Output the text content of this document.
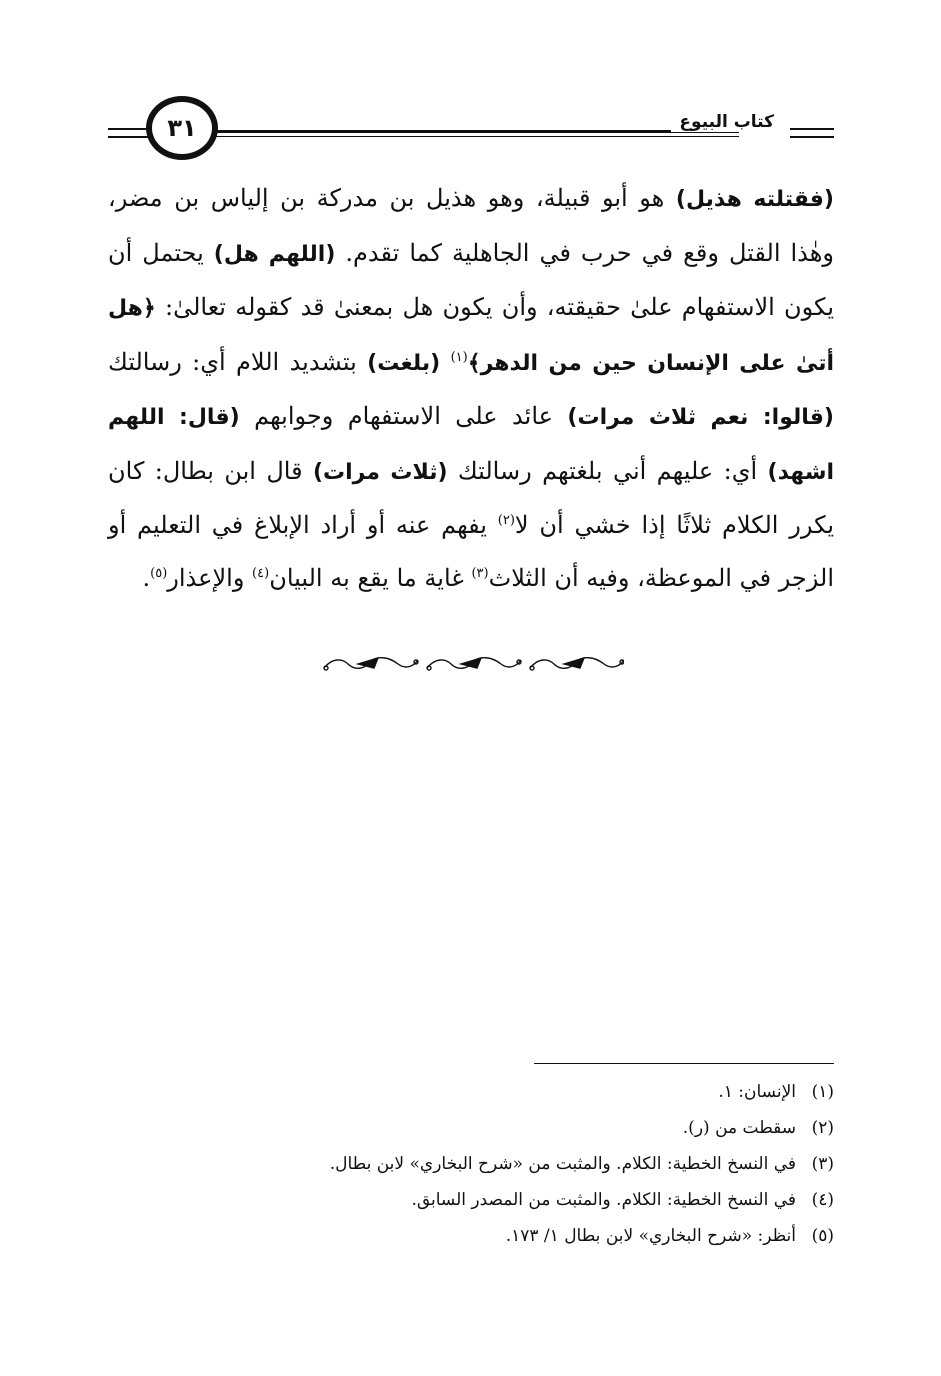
٣١	كتاب البيوع

(فقتلته هذيل) هو أبو قبيلة، وهو هذيل بن مدركة بن إلياس بن مضر، وهٰذا القتل وقع في حرب في الجاهلية كما تقدم. (اللهم هل) يحتمل أن يكون الاستفهام علىٰ حقيقته، وأن يكون هل بمعنىٰ قد كقوله تعالىٰ: ﴿هل أتىٰ على الإنسان حين من الدهر﴾$^{(١)}$ (بلغت) بتشديد اللام أي: رسالتك (قالوا: نعم ثلاث مرات) عائد على الاستفهام وجوابهم (قال: اللهم اشهد) أي: عليهم أني بلغتهم رسالتك (ثلاث مرات) قال ابن بطال: كان يكرر الكلام ثلاثًا إذا خشي أن لا$^{(٢)}$ يفهم عنه أو أراد الإبلاغ في التعليم أو الزجر في الموعظة، وفيه أن الثلاث$^{(٣)}$ غاية ما يقع به البيان$^{(٤)}$ والإعذار$^{(٥)}$.

(١)الإنسان: ١.

(٢)سقطت من (ر).

(٣)في النسخ الخطية: الكلام. والمثبت من «شرح البخاري» لابن بطال.

(٤)في النسخ الخطية: الكلام. والمثبت من المصدر السابق.

(٥)أنظر: «شرح البخاري» لابن بطال ١/ ١٧٣.
